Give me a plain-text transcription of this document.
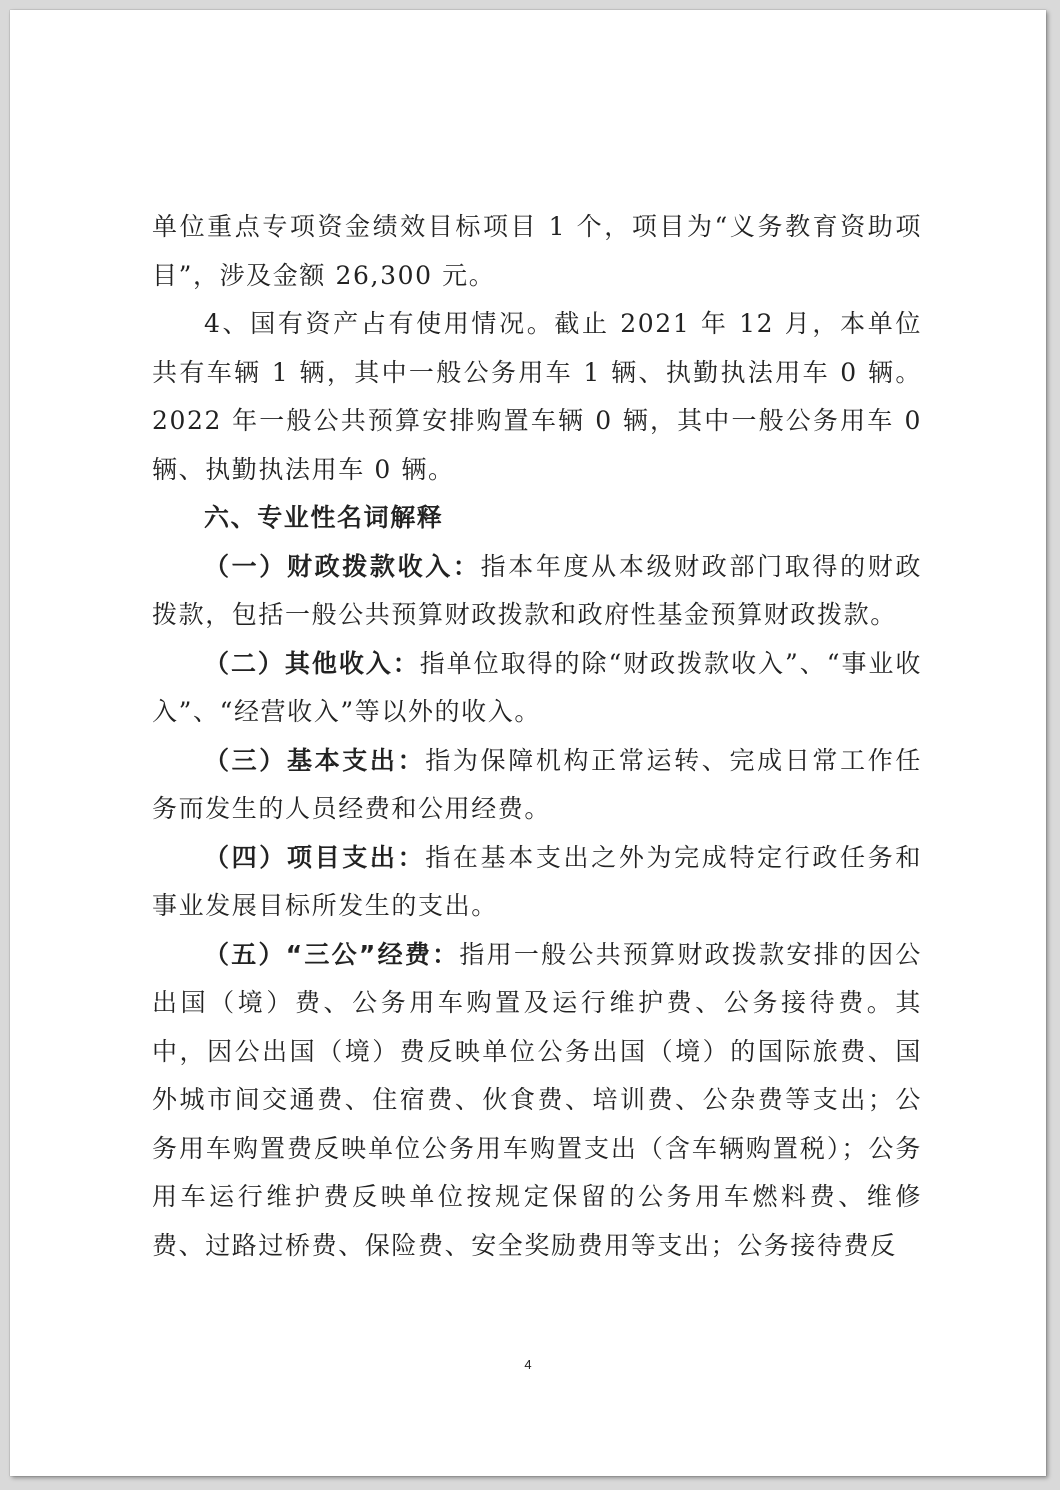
单位重点专项资金绩效目标项目 1 个，项目为“义务教育资助项目”，涉及金额 26,300 元。

4、国有资产占有使用情况。截止 2021 年 12 月，本单位共有车辆 1 辆，其中一般公务用车 1 辆、执勤执法用车 0 辆。2022 年一般公共预算安排购置车辆 0 辆，其中一般公务用车 0 辆、执勤执法用车 0 辆。

六、专业性名词解释

（一）财政拨款收入：指本年度从本级财政部门取得的财政拨款，包括一般公共预算财政拨款和政府性基金预算财政拨款。

（二）其他收入：指单位取得的除“财政拨款收入”、“事业收入”、“经营收入”等以外的收入。

（三）基本支出：指为保障机构正常运转、完成日常工作任务而发生的人员经费和公用经费。

（四）项目支出：指在基本支出之外为完成特定行政任务和事业发展目标所发生的支出。

（五）“三公”经费：指用一般公共预算财政拨款安排的因公出国（境）费、公务用车购置及运行维护费、公务接待费。其中，因公出国（境）费反映单位公务出国（境）的国际旅费、国外城市间交通费、住宿费、伙食费、培训费、公杂费等支出；公务用车购置费反映单位公务用车购置支出（含车辆购置税）；公务用车运行维护费反映单位按规定保留的公务用车燃料费、维修费、过路过桥费、保险费、安全奖励费用等支出；公务接待费反

4
